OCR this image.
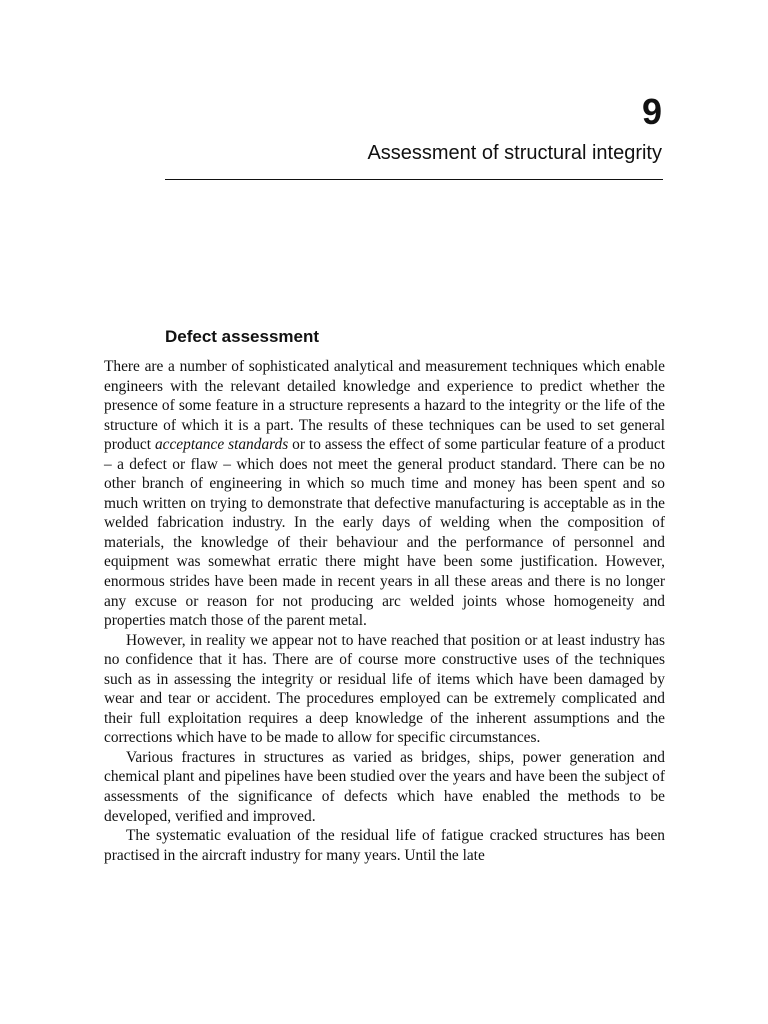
9
Assessment of structural integrity
Defect assessment

There are a number of sophisticated analytical and measurement techniques which enable engineers with the relevant detailed knowledge and experience to predict whether the presence of some feature in a structure represents a hazard to the integrity or the life of the structure of which it is a part. The results of these techniques can be used to set general product acceptance standards or to assess the effect of some particular feature of a product – a defect or flaw – which does not meet the general product standard. There can be no other branch of engineering in which so much time and money has been spent and so much written on trying to demonstrate that defective manufacturing is acceptable as in the welded fabrication industry. In the early days of welding when the composition of materials, the knowledge of their behaviour and the performance of personnel and equipment was somewhat erratic there might have been some justification. However, enormous strides have been made in recent years in all these areas and there is no longer any excuse or reason for not producing arc welded joints whose homogeneity and properties match those of the parent metal.

However, in reality we appear not to have reached that position or at least industry has no confidence that it has. There are of course more constructive uses of the techniques such as in assessing the integrity or residual life of items which have been damaged by wear and tear or accident. The procedures employed can be extremely complicated and their full exploitation requires a deep knowledge of the inherent assumptions and the corrections which have to be made to allow for specific circumstances.

Various fractures in structures as varied as bridges, ships, power generation and chemical plant and pipelines have been studied over the years and have been the subject of assessments of the significance of defects which have enabled the methods to be developed, verified and improved.

The systematic evaluation of the residual life of fatigue cracked structures has been practised in the aircraft industry for many years. Until the late
